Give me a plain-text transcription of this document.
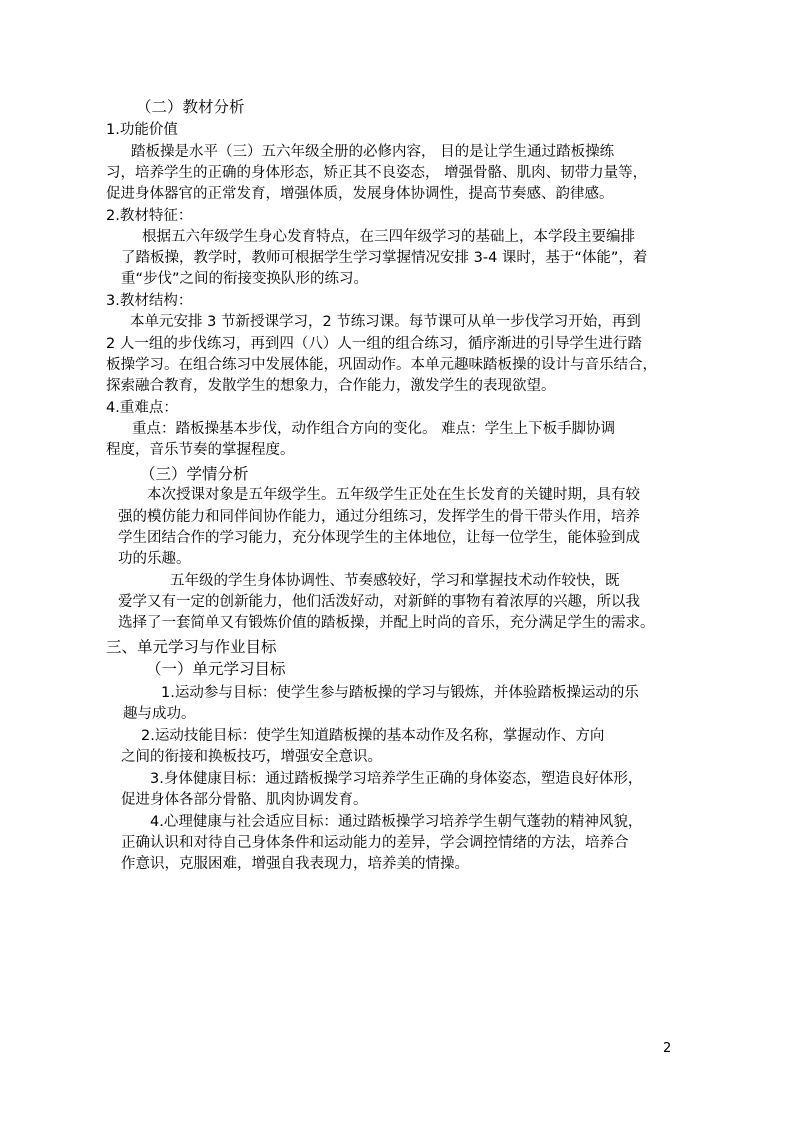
（二）教材分析
1.功能价值
踏板操是水平（三）五六年级全册的必修内容， 目的是让学生通过踏板操练
习，培养学生的正确的身体形态，矫正其不良姿态， 增强骨骼、肌肉、韧带力量等，
促进身体器官的正常发育，增强体质，发展身体协调性，提高节奏感、韵律感。
2.教材特征：
根据五六年级学生身心发育特点，在三四年级学习的基础上，本学段主要编排
了踏板操，教学时，教师可根据学生学习掌握情况安排 3-4 课时，基于“体能”，着
重“步伐”之间的衔接变换队形的练习。
3.教材结构：
本单元安排 3 节新授课学习，2 节练习课。每节课可从单一步伐学习开始，再到
2 人一组的步伐练习，再到四（八）人一组的组合练习，循序渐进的引导学生进行踏
板操学习。在组合练习中发展体能，巩固动作。本单元趣味踏板操的设计与音乐结合，
探索融合教育，发散学生的想象力，合作能力，激发学生的表现欲望。
4.重难点：
重点：踏板操基本步伐，动作组合方向的变化。 难点：学生上下板手脚协调
程度，音乐节奏的掌握程度。
（三）学情分析
本次授课对象是五年级学生。五年级学生正处在生长发育的关键时期，具有较
强的模仿能力和同伴间协作能力，通过分组练习，发挥学生的骨干带头作用，培养
学生团结合作的学习能力，充分体现学生的主体地位，让每一位学生，能体验到成
功的乐趣。
五年级的学生身体协调性、节奏感较好，学习和掌握技术动作较快，既
爱学又有一定的创新能力，他们活泼好动，对新鲜的事物有着浓厚的兴趣，所以我
选择了一套简单又有锻炼价值的踏板操，并配上时尚的音乐，充分满足学生的需求。
三、单元学习与作业目标
（一）单元学习目标
1.运动参与目标：使学生参与踏板操的学习与锻炼，并体验踏板操运动的乐
趣与成功。
2.运动技能目标：使学生知道踏板操的基本动作及名称，掌握动作、方向
之间的衔接和换板技巧，增强安全意识。
3.身体健康目标：通过踏板操学习培养学生正确的身体姿态，塑造良好体形，
促进身体各部分骨骼、肌肉协调发育。
4.心理健康与社会适应目标：通过踏板操学习培养学生朝气蓬勃的精神风貌，
正确认识和对待自己身体条件和运动能力的差异，学会调控情绪的方法，培养合
作意识，克服困难，增强自我表现力，培养美的情操。
2
